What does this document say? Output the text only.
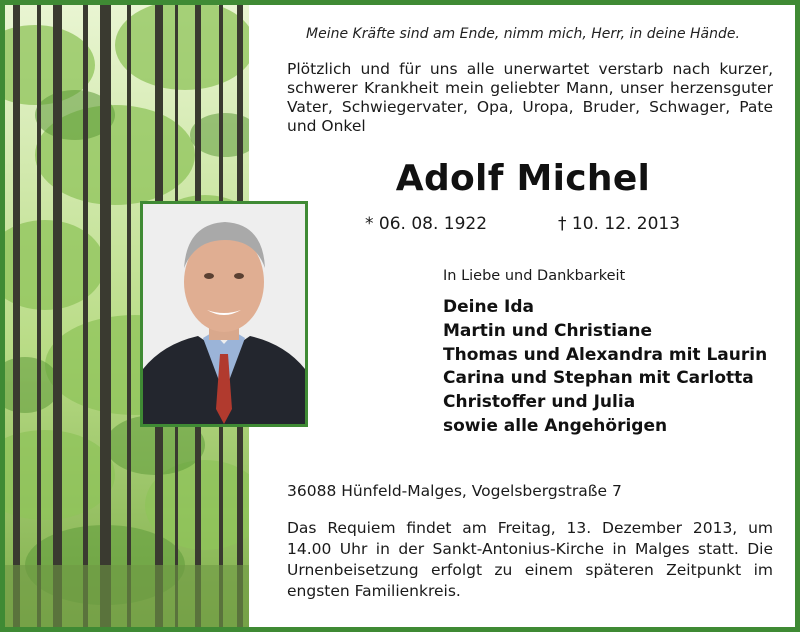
Meine Kräfte sind am Ende, nimm mich, Herr, in deine Hände.
Plötzlich und für uns alle unerwartet verstarb nach kurzer, schwerer Krankheit mein geliebter Mann, unser herzensguter Vater, Schwiegervater, Opa, Uropa, Bruder, Schwager, Pate und Onkel
Adolf Michel
* 06. 08. 1922	† 10. 12. 2013
In Liebe und Dankbarkeit
Deine Ida
Martin und Christiane
Thomas und Alexandra mit Laurin
Carina und Stephan mit Carlotta
Christoffer und Julia
sowie alle Angehörigen
36088 Hünfeld-Malges, Vogelsbergstraße 7
Das Requiem findet am Freitag, 13. Dezember 2013, um 14.00 Uhr in der Sankt-Antonius-Kirche in Malges statt. Die Urnenbeisetzung erfolgt zu einem späteren Zeitpunkt im engsten Familienkreis.
